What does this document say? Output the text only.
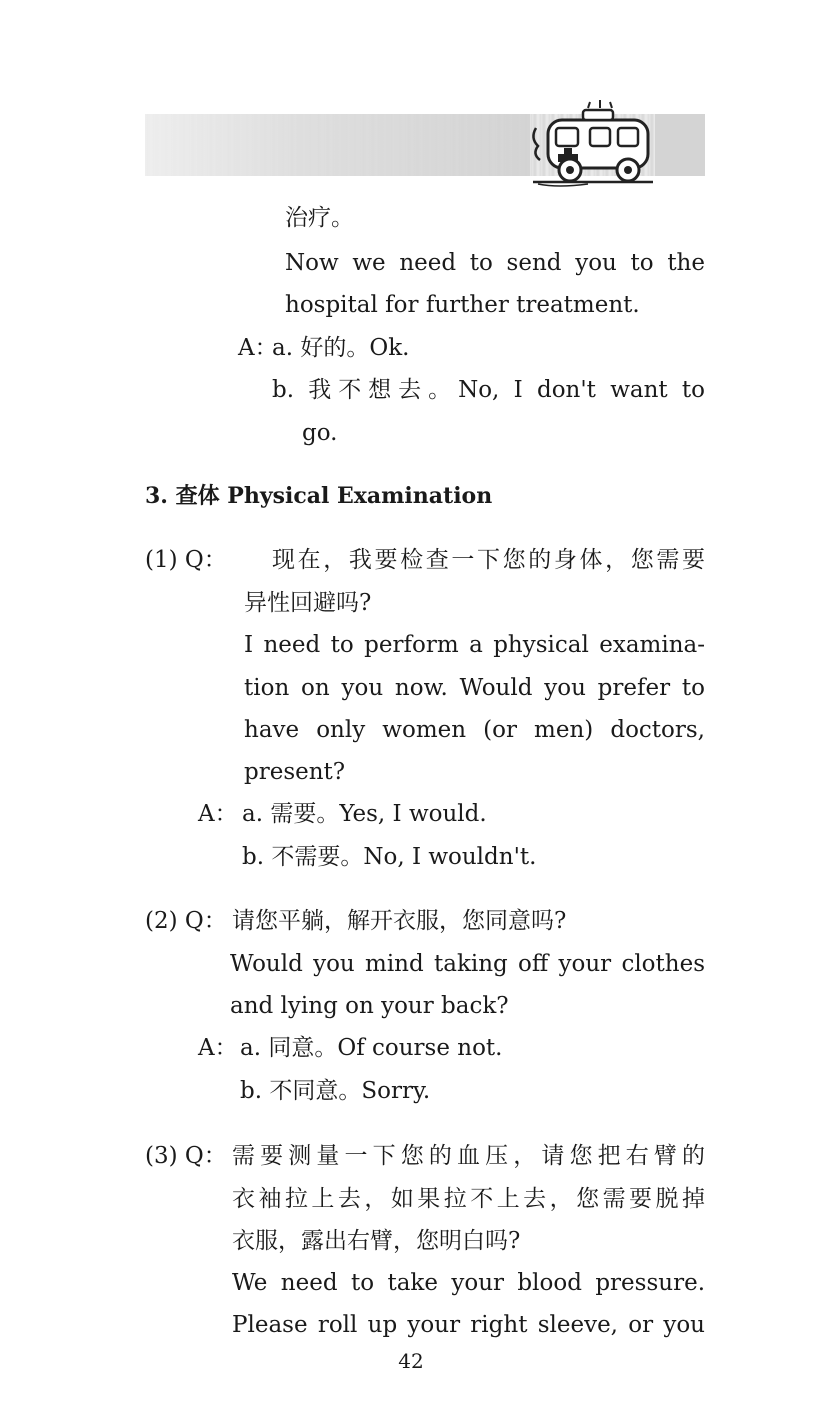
治疗。
Now we need to send you to the
hospital for further treatment.
A：
a. 好的。Ok.
b. 我不想去。No, I don't want to
go.
3. 查体 Physical Examination
(1) Q： 现在，我要检查一下您的身体，您需要
异性回避吗?
I need to perform a physical examina-
tion on you now. Would you prefer to
have only women (or men) doctors,
present?
A： a. 需要。Yes, I would.
b. 不需要。No, I wouldn't.
(2) Q： 请您平躺，解开衣服，您同意吗?
Would you mind taking off your clothes
and lying on your back?
A： a. 同意。Of course not.
b. 不同意。Sorry.
(3) Q： 需要测量一下您的血压，请您把右臂的
衣袖拉上去，如果拉不上去，您需要脱掉
衣服，露出右臂，您明白吗?
We need to take your blood pressure.
Please roll up your right sleeve, or you
42
